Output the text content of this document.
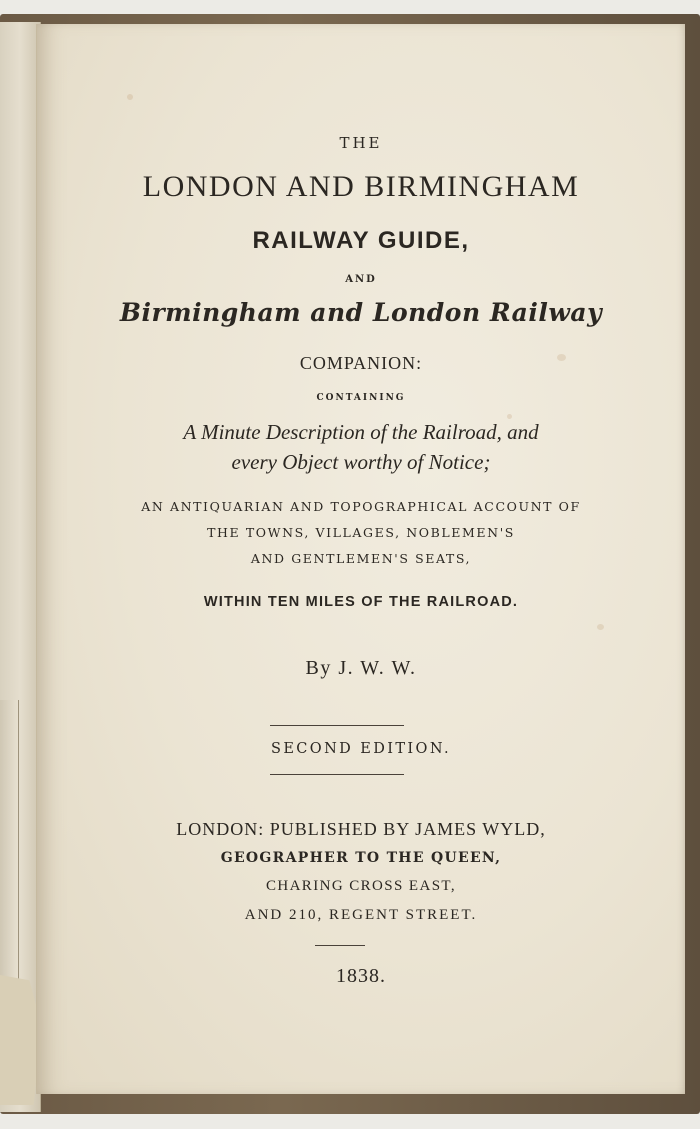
THE
LONDON AND BIRMINGHAM
RAILWAY GUIDE,
AND
Birmingham and London Railway
COMPANION:
CONTAINING
A Minute Description of the Railroad, and
every Object worthy of Notice;
AN ANTIQUARIAN AND TOPOGRAPHICAL ACCOUNT OF
THE TOWNS, VILLAGES, NOBLEMEN'S
AND GENTLEMEN'S SEATS,
WITHIN TEN MILES OF THE RAILROAD.
By J. W. W.
SECOND EDITION.
LONDON: PUBLISHED BY JAMES WYLD,
GEOGRAPHER TO THE QUEEN,
CHARING CROSS EAST,
AND 210, REGENT STREET.
1838.
